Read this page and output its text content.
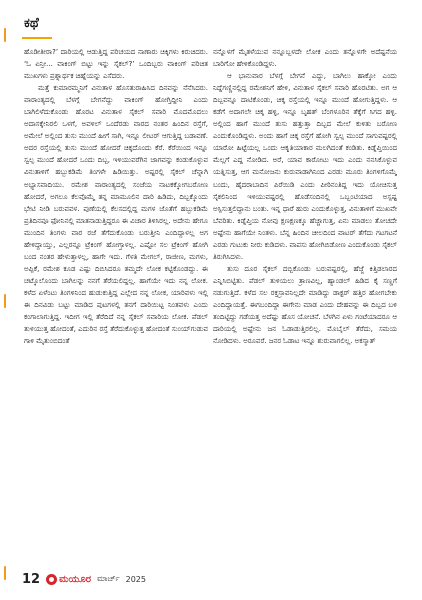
ಕಥೆ

ಹೊಡೀತೀರಾ?’ ದಾರಿಯಲ್ಲಿ ಆಡುತ್ತಿದ್ದ ಪರಿಚಯದ ನಾಣಾರು ಚಿಕ್ಕಿಗಳು ಕಿರುಚಿದರು. ‘ಓ ಏನ್ರೀ... ವಾಕಿಂಗ್ ಬಿಟ್ಟು ಇನ್ನು ಸೈಕಲ್?’ ಒಂದಿಬ್ಬರು ವಾಕಿಂಗ್ ಪರಿಚಿತ ಮುಖಗಳು ಪ್ರಶ್ನಾರ್ಥಕ ಚಿಹ್ನೆಯನ್ನು ಎಸೆದರು.

ಮತ್ತೆ ಕುಮಾರಮ್ಮನಿಗೆ ವಿನುತಾಳ ಹೊಸತುರಾಹಿಸಿದ ದಿನವನ್ನು ನೆನೆಸಿದರು. ವಾರಾಂತ್ಯದಲ್ಲಿ ಬೆಳಗ್ಗೆ ಬೇಗನೆದ್ದು ವಾಕಿಂಗ್ ಹೋಗ್ತಿದ್ದೀನಿ ಎಂದು ಬಾಗಿಲಿಳೆದುಕೊಂಡು ಹೊರಟ ವಿನುತಾಳ ಸೈಕಲ್ ಸವಾರಿ ಮೊದಮೊದಲು ಅದಾಸಕ್ಕೇನಿರಲಿ ಒಳಗೆ, ಅವಳಿಲ್ ಒಂದೆರಡು ವಾರದ ನಂತರ ಹಿಂದಿನ ರಸ್ತೆಗೆ, ಅಮೇಲೆ ಅಲ್ಲಿಂದ ತುಸು ಮುಂದೆ ಹೀಗೆ ಸಾಗಿ, ಇನ್ನೂ ಲೀಟರ್ ಆಗುತ್ತಿದ್ದ ಬಡಾವಣೆ. ಅದರ ರಸ್ತೆಯಲ್ಲಿ ತುಸು ಮುಂದೆ ಹೋದರೆ ಚಿಕ್ಕದೊಂದು ಕೆರೆ. ಕೆರೆಯಿಂದ ಇನ್ನೂ ಸ್ವಲ್ಪ ಮುಂದೆ ಹೋದರೆ ಒಂದು ದಿಬ್ಬ, ಇಳಿಯುವರೆಗಿನ ಜಾಗವನ್ನು ಕಂಡುಕೊಳ್ಳುವ ವಿನುತಾಳಿಗೆ ಹಬ್ಬುಕಡಿಮೆ ತಿಂಗಳೇ ಹಿಡಿಯಿತ್ತು. ಅಷ್ಟರಲ್ಲಿ ಸೈಕಲ್ ಚೆನ್ನಾಗಿ ಅಭ್ಯಾಸವಾದಿಯು. ರಮೇಶ ವಾರಾಂತ್ಯದಲ್ಲಿ ಸಂಜೆಯ ನಾಟಕಕ್ಕೋಗಬರೋಣ ಹೋದರೆ, ಅಗಲೂ ಕೆಲವೊಮ್ಮೆ ತನ್ನ ಮಾಮೂಲಿನ ದಾರಿ ಹಿಡಿದು, ದಿಬ್ಬಕ್ಕೊಂದು ಭೇಟಿ ನೀಡಿ ಬರುವವಳ. ಪುಣೆಯಲ್ಲಿ ಕೆಲಸದಲ್ಲಿದ್ದ ಮಗಳ ಜೊತೆಗೆ ಹಬ್ಬುಕಡಿಮೆ ಪ್ರತಿದಿನವೂ ಫೋನಿನಲ್ಲಿ ಮಾತನಾಡುತ್ತಿದ್ದರೂ ಈ ವಿಚಾರ ತಿಳಿಸಿರಲ್ಲ. ಅದೇನು ಹೇಗೂ ಮುಂದಿನ ತಿಂಗಳು ವಾರ ರಜೆ ತೆಗೆದುಕೊಂಡು ಬರುತ್ತೀನಿ ಎಂದಿದ್ದಾಳಲ್ಲ ಅಗ ಹೇಳಿದ್ದಾಯ್ತು, ಎಲ್ಲರನ್ನೂ ಟ್ರೆಕಿಂಗ್ ಹೋಗ್ತಾಳಲ್ಲ. ಎಷ್ಟೋ ಸಲ ಟ್ರೆಕಿಂಗ್ ಹೋಗಿ ಬಂದ ನಂತರ ಹೇಳುತ್ತಾಳಲ್ಲ, ಹಾಗೇ ಇದು. ಗೆಳತಿ ಮೇಗಲ್, ರಾಜೀಣ, ಮಗಳು, ಅಪ್ಪಿಕೆ, ರಮೇಶ ಕೂಡ ಎಷ್ಟು ದಿಬಿಸಿದರೂ ತಮ್ಮದೇ ಲೋಕ ಕಟ್ಟಿಕೊಂಡದ್ದು. ಈ ಚಟ್ಕೊಲೊಂದು ಬಾಗಿಲನ್ನು ನನಗೆ ತೆರೆಯಲಿದ್ದಲ್ಲ. ಹಾಗೆಯೇ ಇದು ನನ್ನ ಲೋಕ. ಕಳೆದ ಏಳೆಂಟು ತಿಂಗಳಿನಿಂದ ಹುಡುಕುತ್ತಿದ್ದ ಎಲ್ಲೇದ ನನ್ನ ಲೋಕ, ಯಾರಿವಳು ಇಲ್ಲಿ ಈ ದಿನವಿಡು ಬಟ್ಟು ಮಾಡಿದ ಪುಟಗಳಲ್ಲಿ ತನಗೆ ದಾರಿಯಿಟ್ಟ ನಿಂತವಳು ಎಂದು ಕಂಗಾಲಾಗುತ್ತಿದ್ದ. ಇದೀಗ ಇಲ್ಲಿ ತೆರೆದಿದೆ ನನ್ನ ಸೈಕಲ್ ಸವಾರಿಯ ಲೋಕ. ಪೆಡಲ್ ತುಳಿಯುತ್ತ ಹೋದಂತೆ, ಎದುರಿನ ರಸ್ತೆ ತೆರೆದುಕೊಳ್ಳುತ್ತ ಹೋದಂತೆ ಸುಂಯ್‌ಗುಡುವ ಗಾಳಿ ಮೈತುಂಬಿದಂತೆ

ನನ್ನೊಳಗೆ ಮೈತಳೆಯುವ ನನ್ನೂಬ್ಬಳದೇ ಲೋಕ ಎಂದು ತನ್ನೊಳಗೇ ಅದೆಷ್ಟನೆಯ ಬಾರಿಗೋ ಹೇಳಿಕೊಂಡಿದ್ದಳು.

ಆ ಭಾನುವಾರ ಬೆಳಗ್ಗೆ ಬೇಗನೆ ಎದ್ದು, ಬಾಗಿಲು ಹಾಕ್ಕೋ ಎಂದು ನಿದ್ದೆಗಣ್ಣಿನಲ್ಲಿದ್ದ ರಮೇಶನಿಗೆ ಹೇಳಿ, ವಿನುತಾಳ ಸೈಕಲ್ ಸವಾರಿ ಹೊರಟಿತು. ಅಗ ಆ ದಿಬ್ಬವನ್ನೂ ದಾಟಿಕೊಂಡು, ಚಿಕ್ಕ ರಸ್ತೆಯಲ್ಲಿ ಇನ್ನೂ ಮುಂದೆ ಹೋಗುತ್ತಿದ್ದಳು. ಆ ಕಡೆಗೆ ಅದಾಗಲೇ ಚಿಕ್ಕ ಹಳ್ಳಿ, ಇನ್ನೂ ಬೃಹತ್ ಬೆಂಗಳೂರಿನ ತೆಕ್ಕೆಗೆ ಸಿಗದ ಹಳ್ಳಿ. ಅಲ್ಲಿಂದ ಹಾಗೆ ಮುಂದೆ ತುಸು ಹತ್ತುತ್ತಾ ದಿಬ್ಬದ ಮೇಲೆ ಕುಳಿತು ಬರೋಣ ಎಂದುಕೊಂಡಿದ್ದಳು. ಅಂದು ಹಾಗೆ ಚಿಕ್ಕ ರಸ್ತೆಗೆ ಹೋಗಿ ಸ್ವಲ್ಪ ಮುಂದೆ ಸಾಗುವಷ್ಟರಲ್ಲಿ ಯಾರೋ ಹಿಟ್ಟೆಯಲ್ಲ ಒಂದು ಆಕೃತಿಯಾಕಾರ ಮಲಗಿದಂತೆ ಕಂಡಿತು. ಕಿಡ್ನೆಪ್ತಿಯಿಂದ ಮೆಲ್ಲಗೆ ಎದ್ದ ನೋಡಿದ. ಅರೆ, ಯಾವ ಕಾರೋಟು ಇದು ಎಂದು ನನಸಿಕೊಳ್ಳುವ ಯತ್ನಿಸುತ್ತ, ಆಗ ಮನೋಜನು ಕುರುವಾಡಾಗಿನಿಂದ ಎರಡು ಮೂರು ತಿಂಗಳಿಗೊಮ್ಮೆ ಬಂದು, ಹೈದರಾಬಾದಿನ ಪಿರೆಯಿಡಿ ಎಂದು ಪೀಠಿನಂತಿದ್ದ ಇದು ಯೋಚಿಸುತ್ತ ಸೈಕಲಿನಿಂದ ಇಳಿಯುವಷ್ಟರಲ್ಲಿ ಹೊಡೆಸಂದಿನಲ್ಲಿ ಒಬ್ಬಂಟಿಯಾದ ಅಸ್ಪಷ್ಟ ಅಸ್ಪಿಸುತ್ತಲಿದ್ದಾನು ಬಂತು. ಇನ್ನ ಧಾರೆ ಹುರು ಎಂದುಕೊಳ್ಳುತ್ತ, ವಿನುತಾಳಿಗೆ ಮುಖವೇ ಬೆವರಿತು. ಕಿಡ್ನೆಪ್ತಿಯ ನೋವು ಕ್ಷಣಕ್ಷಣಕ್ಕೂ ಹೆಚ್ಚಾಗುತ್ತ, ಏನು ಮಾಡಲು ತೋಚದೇ ಅಷ್ಟೇನು ಹಾಗೆಯೇ ನಿಂತಳು. ಬೆನ್ನ ಹಿಂದಿನ ಚೀಲದಿಂದ ವಾಟರ್ ತೆಗೆದು ಗಟಗಟನೆ ಎರಡು ಗುಟುಕು ನೀರು ಕುಡಿದಳು. ವಾಪಸು ಹೋಗಿಬಿಡೋಣ ಎಂದುಕೊಂಡು ಸೈಕಲ್ ತಿರುಗಿಸಿದಳು.

ತುಸು ದೂರ ಸೈಕಲ್ ದಬ್ಬಿಕೊಂಡು ಬರುವಷ್ಟರಲ್ಲಿ, ಹೆಜ್ಜೆ ಕಿತ್ತಿಡಲಾರದ ಎನ್ನಿಸಿಬಿಟ್ಟಿತು. ಪೆಡಲ್ ತುಳಿಯಲು ತ್ರಾಣವಿಲ್ಲ, ಹ್ಯಾಂಡಲ್ ಹಿಡಿದ ಕೈ ಸಣ್ಣಗೆ ನಡುಗುತ್ತಿದೆ. ಕಳೆದ ಸಲ ರಕ್ತಸ್ರಾವನಿಲ್ಲದೇ ಮಾಡಿದ್ದು ಡಾಕ್ಟರ್ ಹತ್ತಿರ ಹೋಗಬೇಕು ಎಂದಿದ್ದಾಯತ್ತೆ. ಈಗಬಂದಿದ್ದಾ ಈಗೇನು ಮಾಡ ಎಂದು ದೇಹವನ್ನು ಈ ದಿಬ್ಬದ ಬಳಿ ತಂದಿಟ್ಟಿದ್ದು ಗಡೆಯತ್ತ ಅದೆಷ್ಟು ಹೊಸ ಯೋಚನೆ. ಬೆಳಗಿನ ಏಳು ಗಂಟೆಯಾದರೂ ಆ ದಾರಿಯಲ್ಲಿ ಅಷ್ಟೇನು ಜನ ಓಡಾಡುತ್ತಿರಲಿಲ್ಲ. ಮೊಬೈಲ್ ತೆರೆದು, ಸಮಯ ನೋಡಿದಳು. ಅರೂವರೆ. ಜನರ ಓಡಾಟ ಇನ್ನೂ ಶುರುವಾಗಲಿಲ್ಲ. ಅಕಸ್ಮಾತ್

12 ಮಯೂರ ಮಾರ್ಚ್ 2025
